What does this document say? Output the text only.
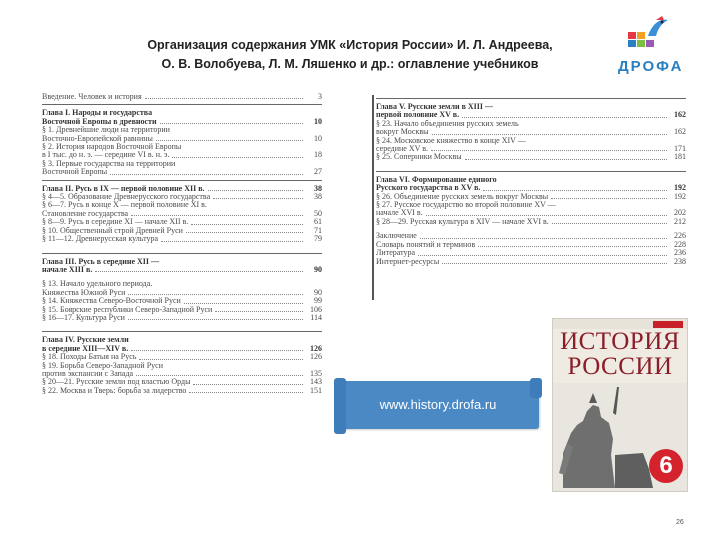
Организация содержания УМК «История России» И. Л. Андреева,
О. В. Волобуева, Л. М. Ляшенко и др.: оглавление учебников	ДРОФА
Введение. Человек и история	3
Глава I. Народы и государства
Восточной Европы в древности	10
§ 1. Древнейшие люди на территории
Восточно-Европейской равнины	10
§ 2. История народов Восточной Европы
в I тыс. до н. э. — середине VI в. н. э.	18
§ 3. Первые государства на территории
Восточной Европы	27
Глава II. Русь в IX — первой половине XII в.	38
§ 4—5. Образование Древнерусского государства	38
§ 6—7. Русь в конце X — первой половине XI в.
Становление государства	50
§ 8—9. Русь в середине XI — начале XII в.	61
§ 10. Общественный строй Древней Руси	71
§ 11—12. Древнерусская культура	79
Глава III. Русь в середине XII —
начале XIII в.	90
§ 13. Начало удельного периода.
Княжества Южной Руси	90
§ 14. Княжества Северо-Восточной Руси	99
§ 15. Боярские республики Северо-Западной Руси	106
§ 16—17. Культура Руси	114
Глава IV. Русские земли
в середине XIII—XIV в.	126
§ 18. Походы Батыя на Русь	126
§ 19. Борьба Северо-Западной Руси
против экспансии с Запада	135
§ 20—21. Русские земли под властью Орды	143
§ 22. Москва и Тверь: борьба за лидерство	151
Глава V. Русские земли в XIII —
первой половине XV в.	162
§ 23. Начало объединения русских земель
вокруг Москвы	162
§ 24. Московское княжество в конце XIV —
середине XV в.	171
§ 25. Соперники Москвы	181
Глава VI. Формирование единого
Русского государства в XV в.	192
§ 26. Объединение русских земель вокруг Москвы	192
§ 27. Русское государство во второй половине XV —
начале XVI в.	202
§ 28—29. Русская культура в XIV — начале XVI в.	212
Заключение	226
Словарь понятий и терминов	228
Литература	236
Интернет-ресурсы	238
ИСТОРИЯ
РОССИИ
6
www.history.drofa.ru
26
